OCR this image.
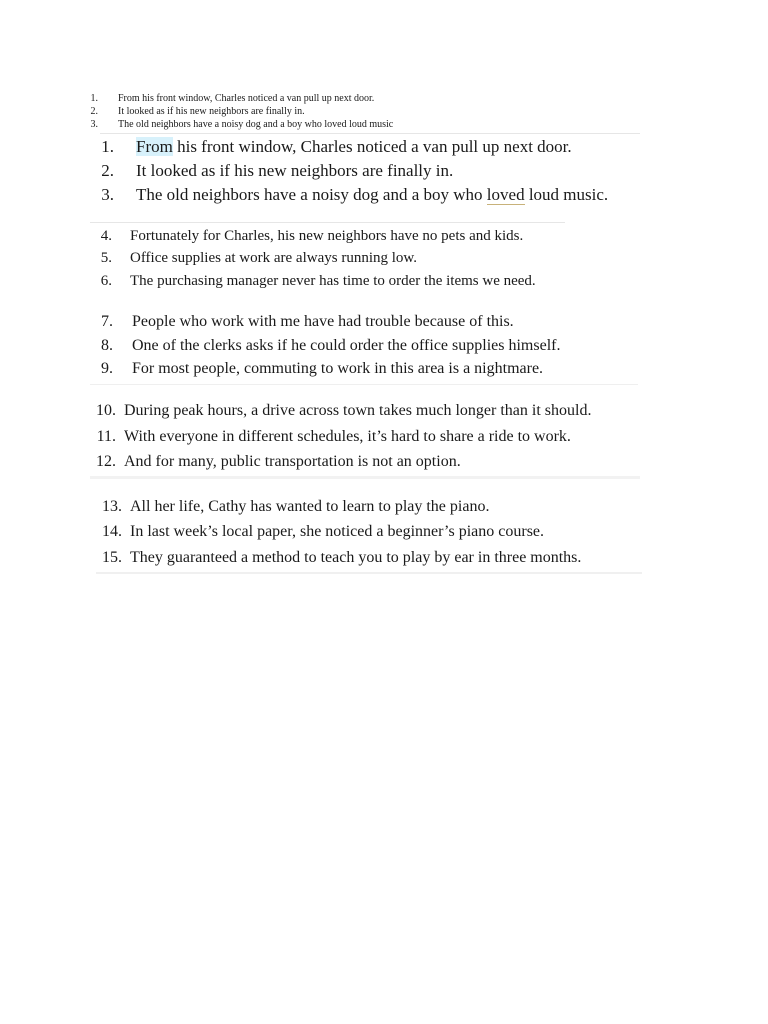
1. From his front window, Charles noticed a van pull up next door.
2. It looked as if his new neighbors are finally in.
3. The old neighbors have a noisy dog and a boy who loved loud music
1. From his front window, Charles noticed a van pull up next door.
2. It looked as if his new neighbors are finally in.
3. The old neighbors have a noisy dog and a boy who loved loud music.
4. Fortunately for Charles, his new neighbors have no pets and kids.
5. Office supplies at work are always running low.
6. The purchasing manager never has time to order the items we need.
7. People who work with me have had trouble because of this.
8. One of the clerks asks if he could order the office supplies himself.
9. For most people, commuting to work in this area is a nightmare.
10. During peak hours, a drive across town takes much longer than it should.
11. With everyone in different schedules, it’s hard to share a ride to work.
12. And for many, public transportation is not an option.
13. All her life, Cathy has wanted to learn to play the piano.
14. In last week’s local paper, she noticed a beginner’s piano course.
15. They guaranteed a method to teach you to play by ear in three months.
